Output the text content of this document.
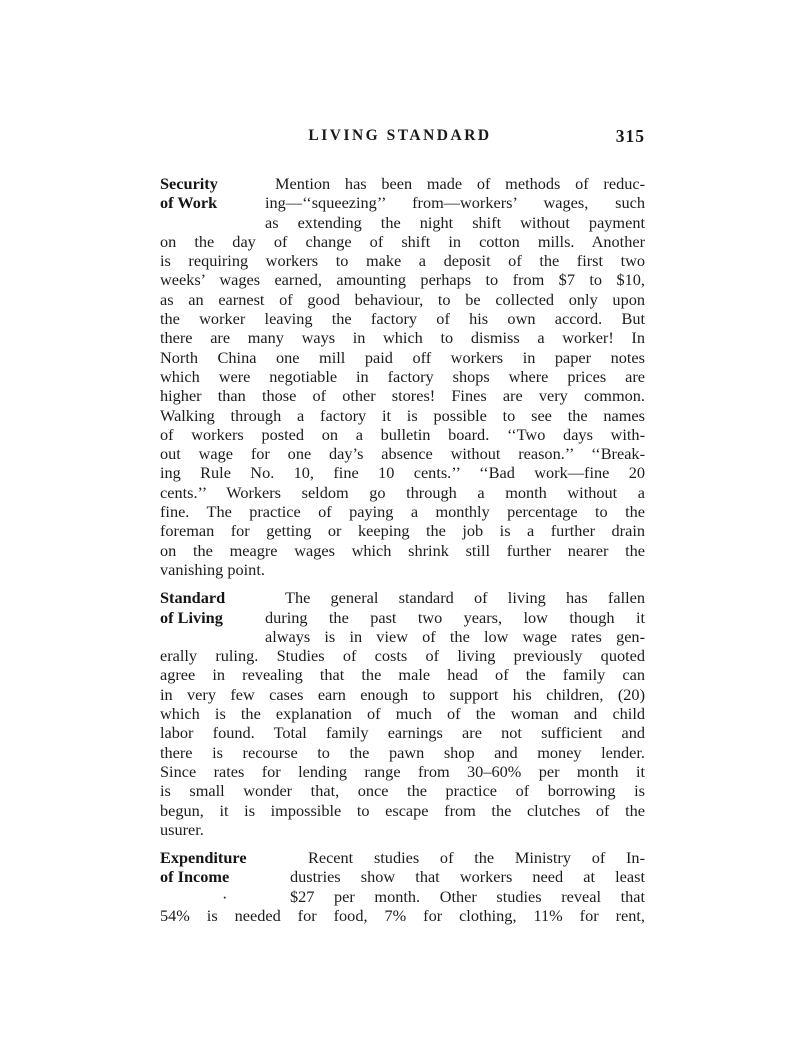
LIVING STANDARD	315
Security
of Work
Mention has been made of methods of reduc-
ing—‘‘squeezing’’ from—workers’ wages, such
as extending the night shift without payment
on the day of change of shift in cotton mills. Another
is requiring workers to make a deposit of the first two
weeks’ wages earned, amounting perhaps to from $7 to $10,
as an earnest of good behaviour, to be collected only upon
the worker leaving the factory of his own accord. But
there are many ways in which to dismiss a worker! In
North China one mill paid off workers in paper notes
which were negotiable in factory shops where prices are
higher than those of other stores! Fines are very common.
Walking through a factory it is possible to see the names
of workers posted on a bulletin board. ‘‘Two days with-
out wage for one day’s absence without reason.’’ ‘‘Break-
ing Rule No. 10, fine 10 cents.’’ ‘‘Bad work—fine 20
cents.’’ Workers seldom go through a month without a
fine. The practice of paying a monthly percentage to the
foreman for getting or keeping the job is a further drain
on the meagre wages which shrink still further nearer the
vanishing point.
Standard
of Living
The general standard of living has fallen
during the past two years, low though it
always is in view of the low wage rates gen-
erally ruling. Studies of costs of living previously quoted
agree in revealing that the male head of the family can
in very few cases earn enough to support his children, (20)
which is the explanation of much of the woman and child
labor found. Total family earnings are not sufficient and
there is recourse to the pawn shop and money lender.
Since rates for lending range from 30–60% per month it
is small wonder that, once the practice of borrowing is
begun, it is impossible to escape from the clutches of the
usurer.
Expenditure
of Income
·
Recent studies of the Ministry of In-
dustries show that workers need at least
$27 per month. Other studies reveal that
54% is needed for food, 7% for clothing, 11% for rent,
